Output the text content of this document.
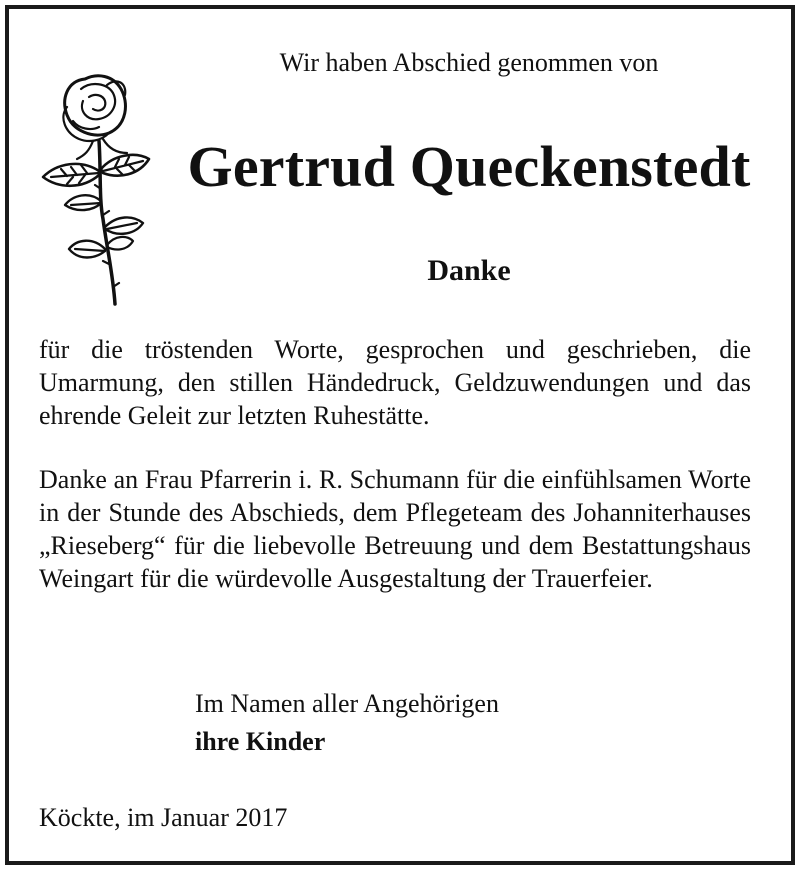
Wir haben Abschied genommen von
Gertrud Queckenstedt
Danke
für die tröstenden Worte, gesprochen und geschrieben, die Umarmung, den stillen Händedruck, Geldzuwendungen und das ehrende Geleit zur letzten Ruhestätte.
Danke an Frau Pfarrerin i. R. Schumann für die einfühlsamen Worte in der Stunde des Abschieds, dem Pflegeteam des Johanniterhauses „Rieseberg“ für die liebevolle Betreuung und dem Bestattungshaus Weingart für die würdevolle Ausgestaltung der Trauerfeier.
Im Namen aller Angehörigen
ihre Kinder
Köckte, im Januar 2017
